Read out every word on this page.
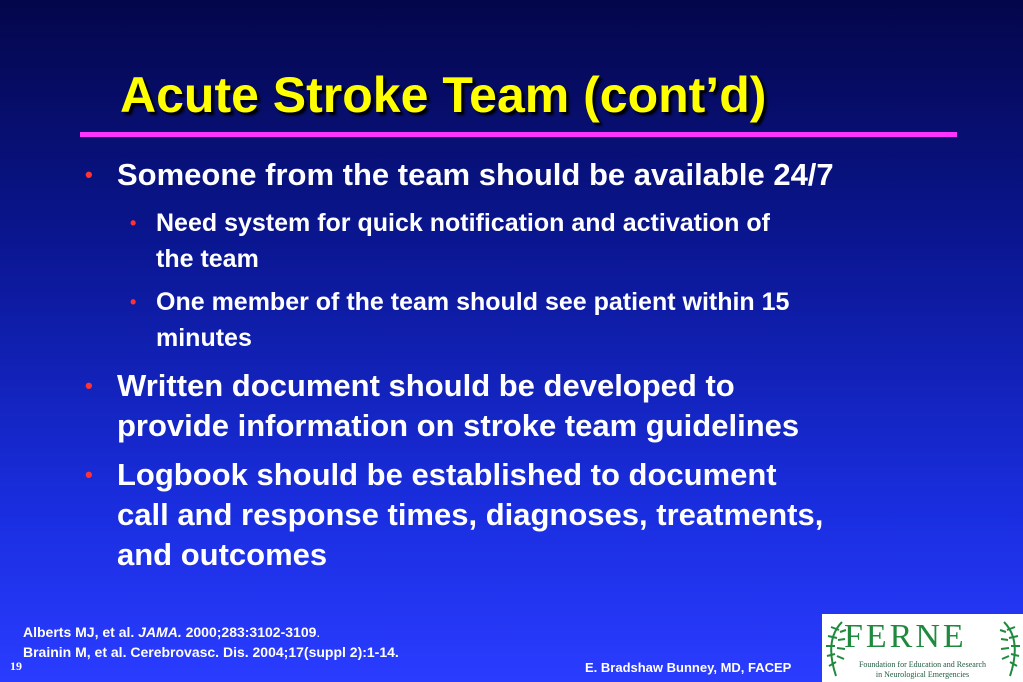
Acute Stroke Team (cont’d)
• Someone from the team should be available 24/7
• Need system for quick notification and activation of
the team
• One member of the team should see patient within 15
minutes
• Written document should be developed to
provide information on stroke team guidelines
• Logbook should be established to document
call and response times, diagnoses, treatments,
and outcomes
Alberts MJ, et al. JAMA. 2000;283:3102-3109.
Brainin M, et al. Cerebrovasc. Dis. 2004;17(suppl 2):1-14.
19	E. Bradshaw Bunney, MD, FACEP
FERNE
Foundation for Education and Research
in Neurological Emergencies
